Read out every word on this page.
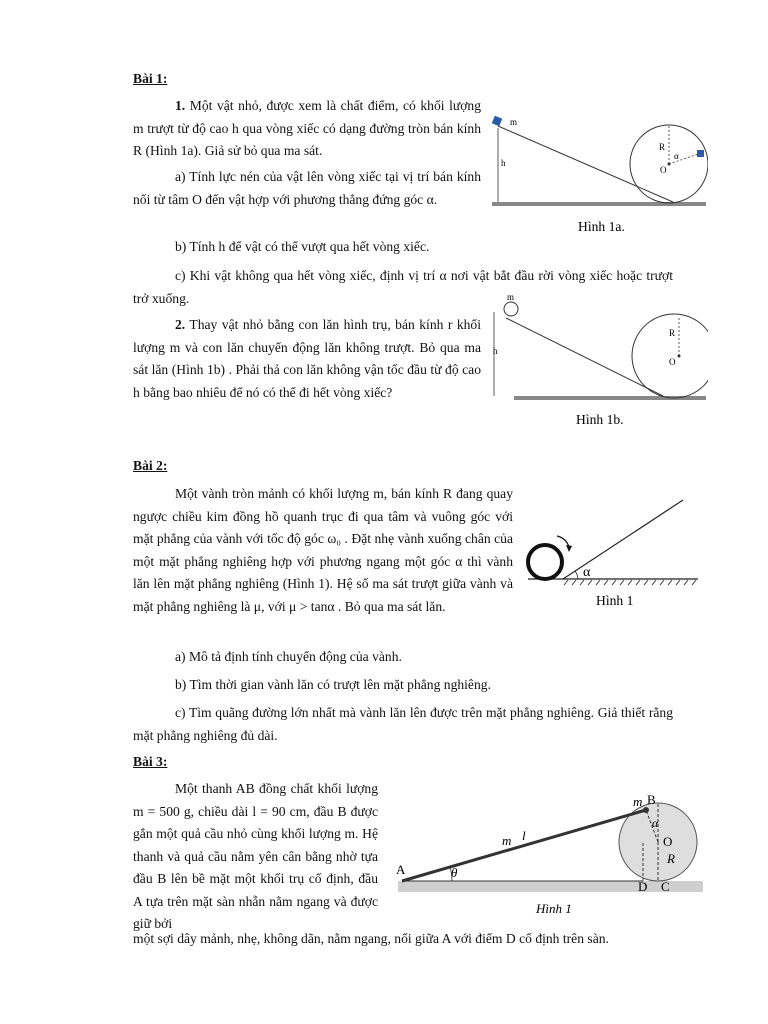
Bài 1:
1. Một vật nhỏ, được xem là chất điểm, có khối lượng m trượt từ độ cao h qua vòng xiếc có dạng đường tròn bán kính R (Hình 1a). Giả sử bỏ qua ma sát.
a) Tính lực nén của vật lên vòng xiếc tại vị trí bán kính nối từ tâm O đến vật hợp với phương thẳng đứng góc α.
b) Tính h để vật có thể vượt qua hết vòng xiếc.
c) Khi vật không qua hết vòng xiếc, định vị trí α nơi vật bắt đầu rời vòng xiếc hoặc trượt trở xuống.
2. Thay vật nhỏ bằng con lăn hình trụ, bán kính r khối lượng m và con lăn chuyển động lăn không trượt. Bỏ qua ma sát lăn (Hình 1b) . Phải thả con lăn không vận tốc đầu từ độ cao h bằng bao nhiêu để nó có thể đi hết vòng xiếc?
m
h
R
α
O
Hình 1a.
m
h
R
O
Hình 1b.
Bài 2:
Một vành tròn mảnh có khối lượng m, bán kính R đang quay ngược chiều kim đồng hồ quanh trục đi qua tâm và vuông góc với mặt phẳng của vành với tốc độ góc ω₀ . Đặt nhẹ vành xuống chân của một mặt phẳng nghiêng hợp với phương ngang một góc α thì vành lăn lên mặt phẳng nghiêng (Hình 1). Hệ số ma sát trượt giữa vành và mặt phẳng nghiêng là μ, với μ > tanα . Bỏ qua ma sát lăn.
a) Mô tả định tính chuyển động của vành.
b) Tìm thời gian vành lăn có trượt lên mặt phẳng nghiêng.
c) Tìm quãng đường lớn nhất mà vành lăn lên được trên mặt phẳng nghiêng. Giả thiết rằng mặt phẳng nghiêng đủ dài.
α
Hình 1
Bài 3:
Một thanh AB đồng chất khối lượng m = 500 g, chiều dài l = 90 cm, đầu B được gắn một quả cầu nhỏ cùng khối lượng m. Hệ thanh và quả cầu nằm yên cân bằng nhờ tựa đầu B lên bề mặt một khối trụ cố định, đầu A tựa trên mặt sàn nhẵn nằm ngang và được giữ bởi
một sợi dây mảnh, nhẹ, không dãn, nằm ngang, nối giữa A với điểm D cố định trên sàn.
m B
α
O
R
m l
A	θ
D C
Hình 1
